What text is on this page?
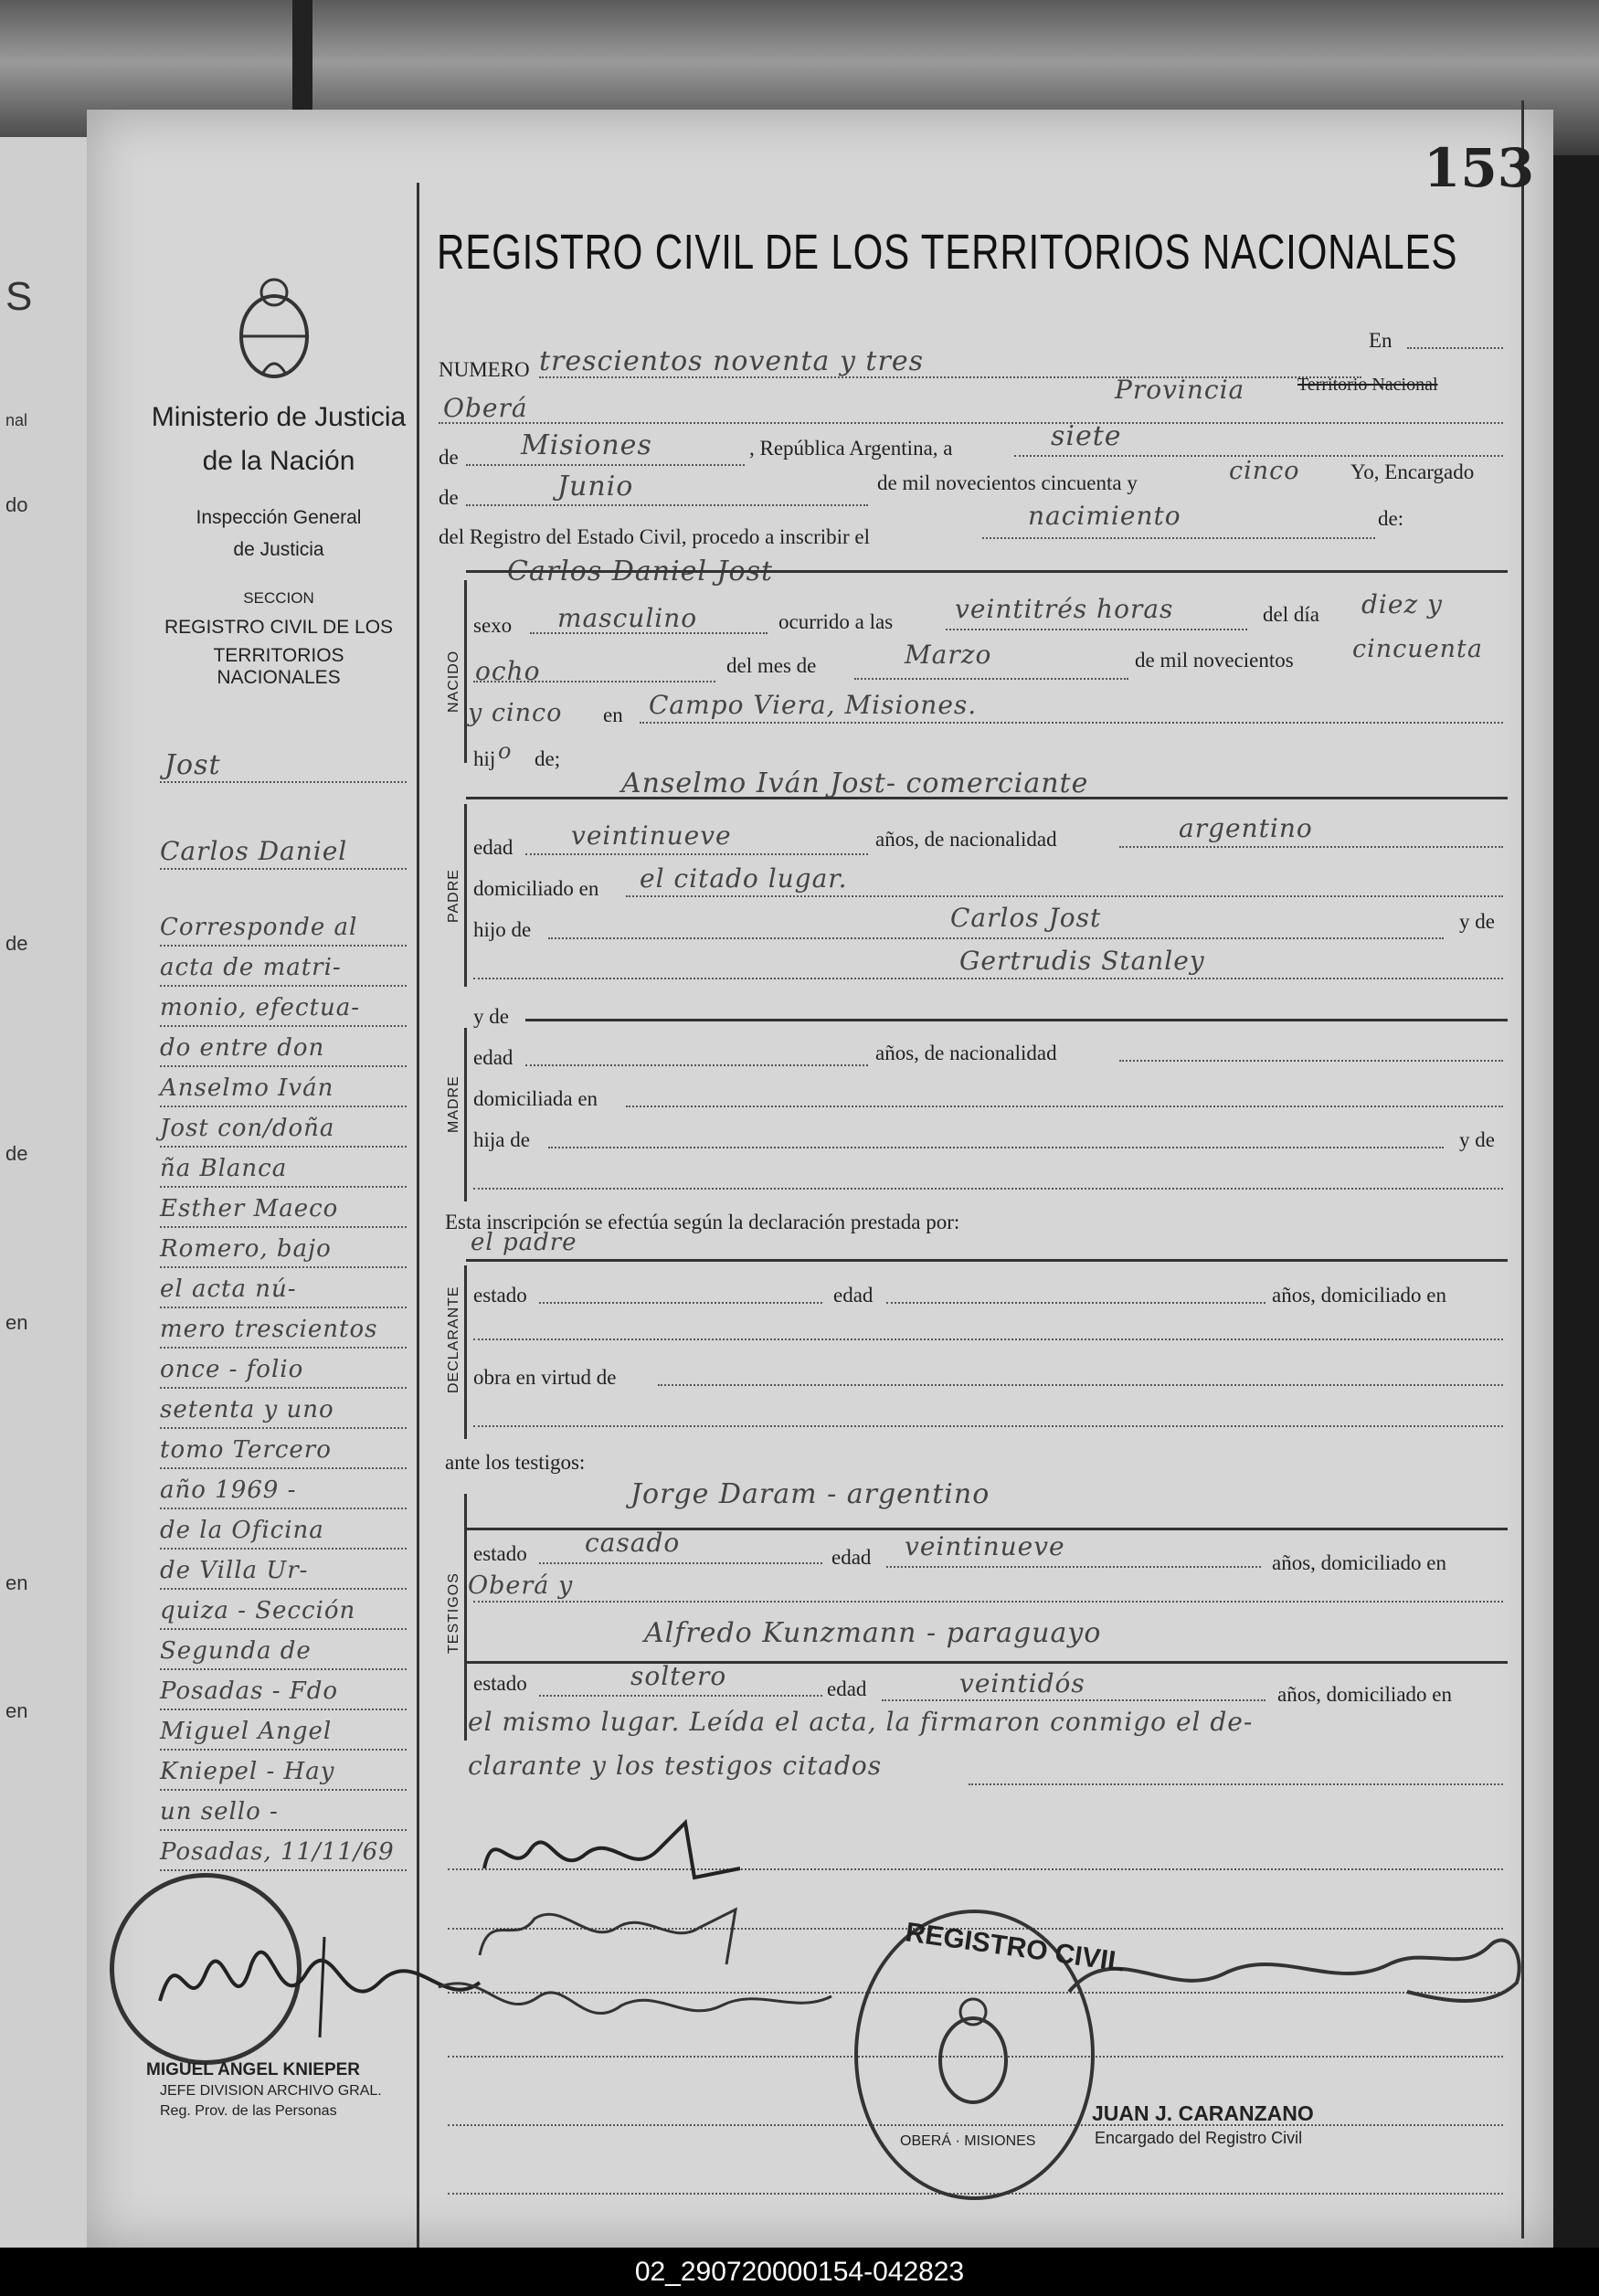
S
nal
do
de
de
en
en
en
153
REGISTRO CIVIL DE LOS TERRITORIOS NACIONALES
Ministerio de Justicia
de la Nación
Inspección General
de Justicia
SECCION
REGISTRO CIVIL DE LOS
TERRITORIOS NACIONALES
Jost
Carlos Daniel
Corresponde al
acta de matri-
monio, efectua-
do entre don
Anselmo Iván
Jost con/doña
ña Blanca
Esther Maeco
Romero, bajo
el acta nú-
mero trescientos
once - folio
setenta y uno
tomo Tercero
año 1969 -
de la Oficina
de Villa Ur-
quiza - Sección
Segunda de
Posadas - Fdo
Miguel Angel
Kniepel - Hay
un sello -
Posadas, 11/11/69
MIGUEL ANGEL KNIEPER
JEFE DIVISION ARCHIVO GRAL.
Reg. Prov. de las Personas
NUMERO trescientos noventa y tres
En
Oberá
Provincia	Territorio Nacional
de Misiones	, República Argentina, a	siete
de	Junio	de mil novecientos cincuenta y	cinco Yo, Encargado
del Registro del Estado Civil, procedo a inscribir el
nacimiento	de:
Carlos Daniel Jost
NACIDO
sexo masculino	ocurrido a las veintitrés horas	del día diez y
ocho	del mes de	Marzo	de mil novecientos cincuenta
y cinco en Campo Viera, Misiones.
hij o de;
Anselmo Iván Jost- comerciante
PADRE
edad veintinueve	años, de nacionalidad	argentino
domiciliado en el citado lugar.
hijo de	Carlos Jost	y de
Gertrudis Stanley
y de
MADRE
edad	años, de nacionalidad
domiciliada en
hija de	y de
Esta inscripción se efectúa según la declaración prestada por:
el padre
DECLARANTE estado	edad	años, domiciliado en
obra en virtud de
ante los testigos:
Jorge Daram - argentino
TESTIGOS
estado casado	edad veintinueve
años, domiciliado en
Oberá y
Alfredo Kunzmann - paraguayo
estado	soltero	edad	veintidós	años, domiciliado en
el mismo lugar. Leída el acta, la firmaron conmigo el de-
clarante y los testigos citados
REGISTRO CIVIL
OBERÁ · MISIONES
JUAN J. CARANZANO
Encargado del Registro Civil
02_290720000154-042823
